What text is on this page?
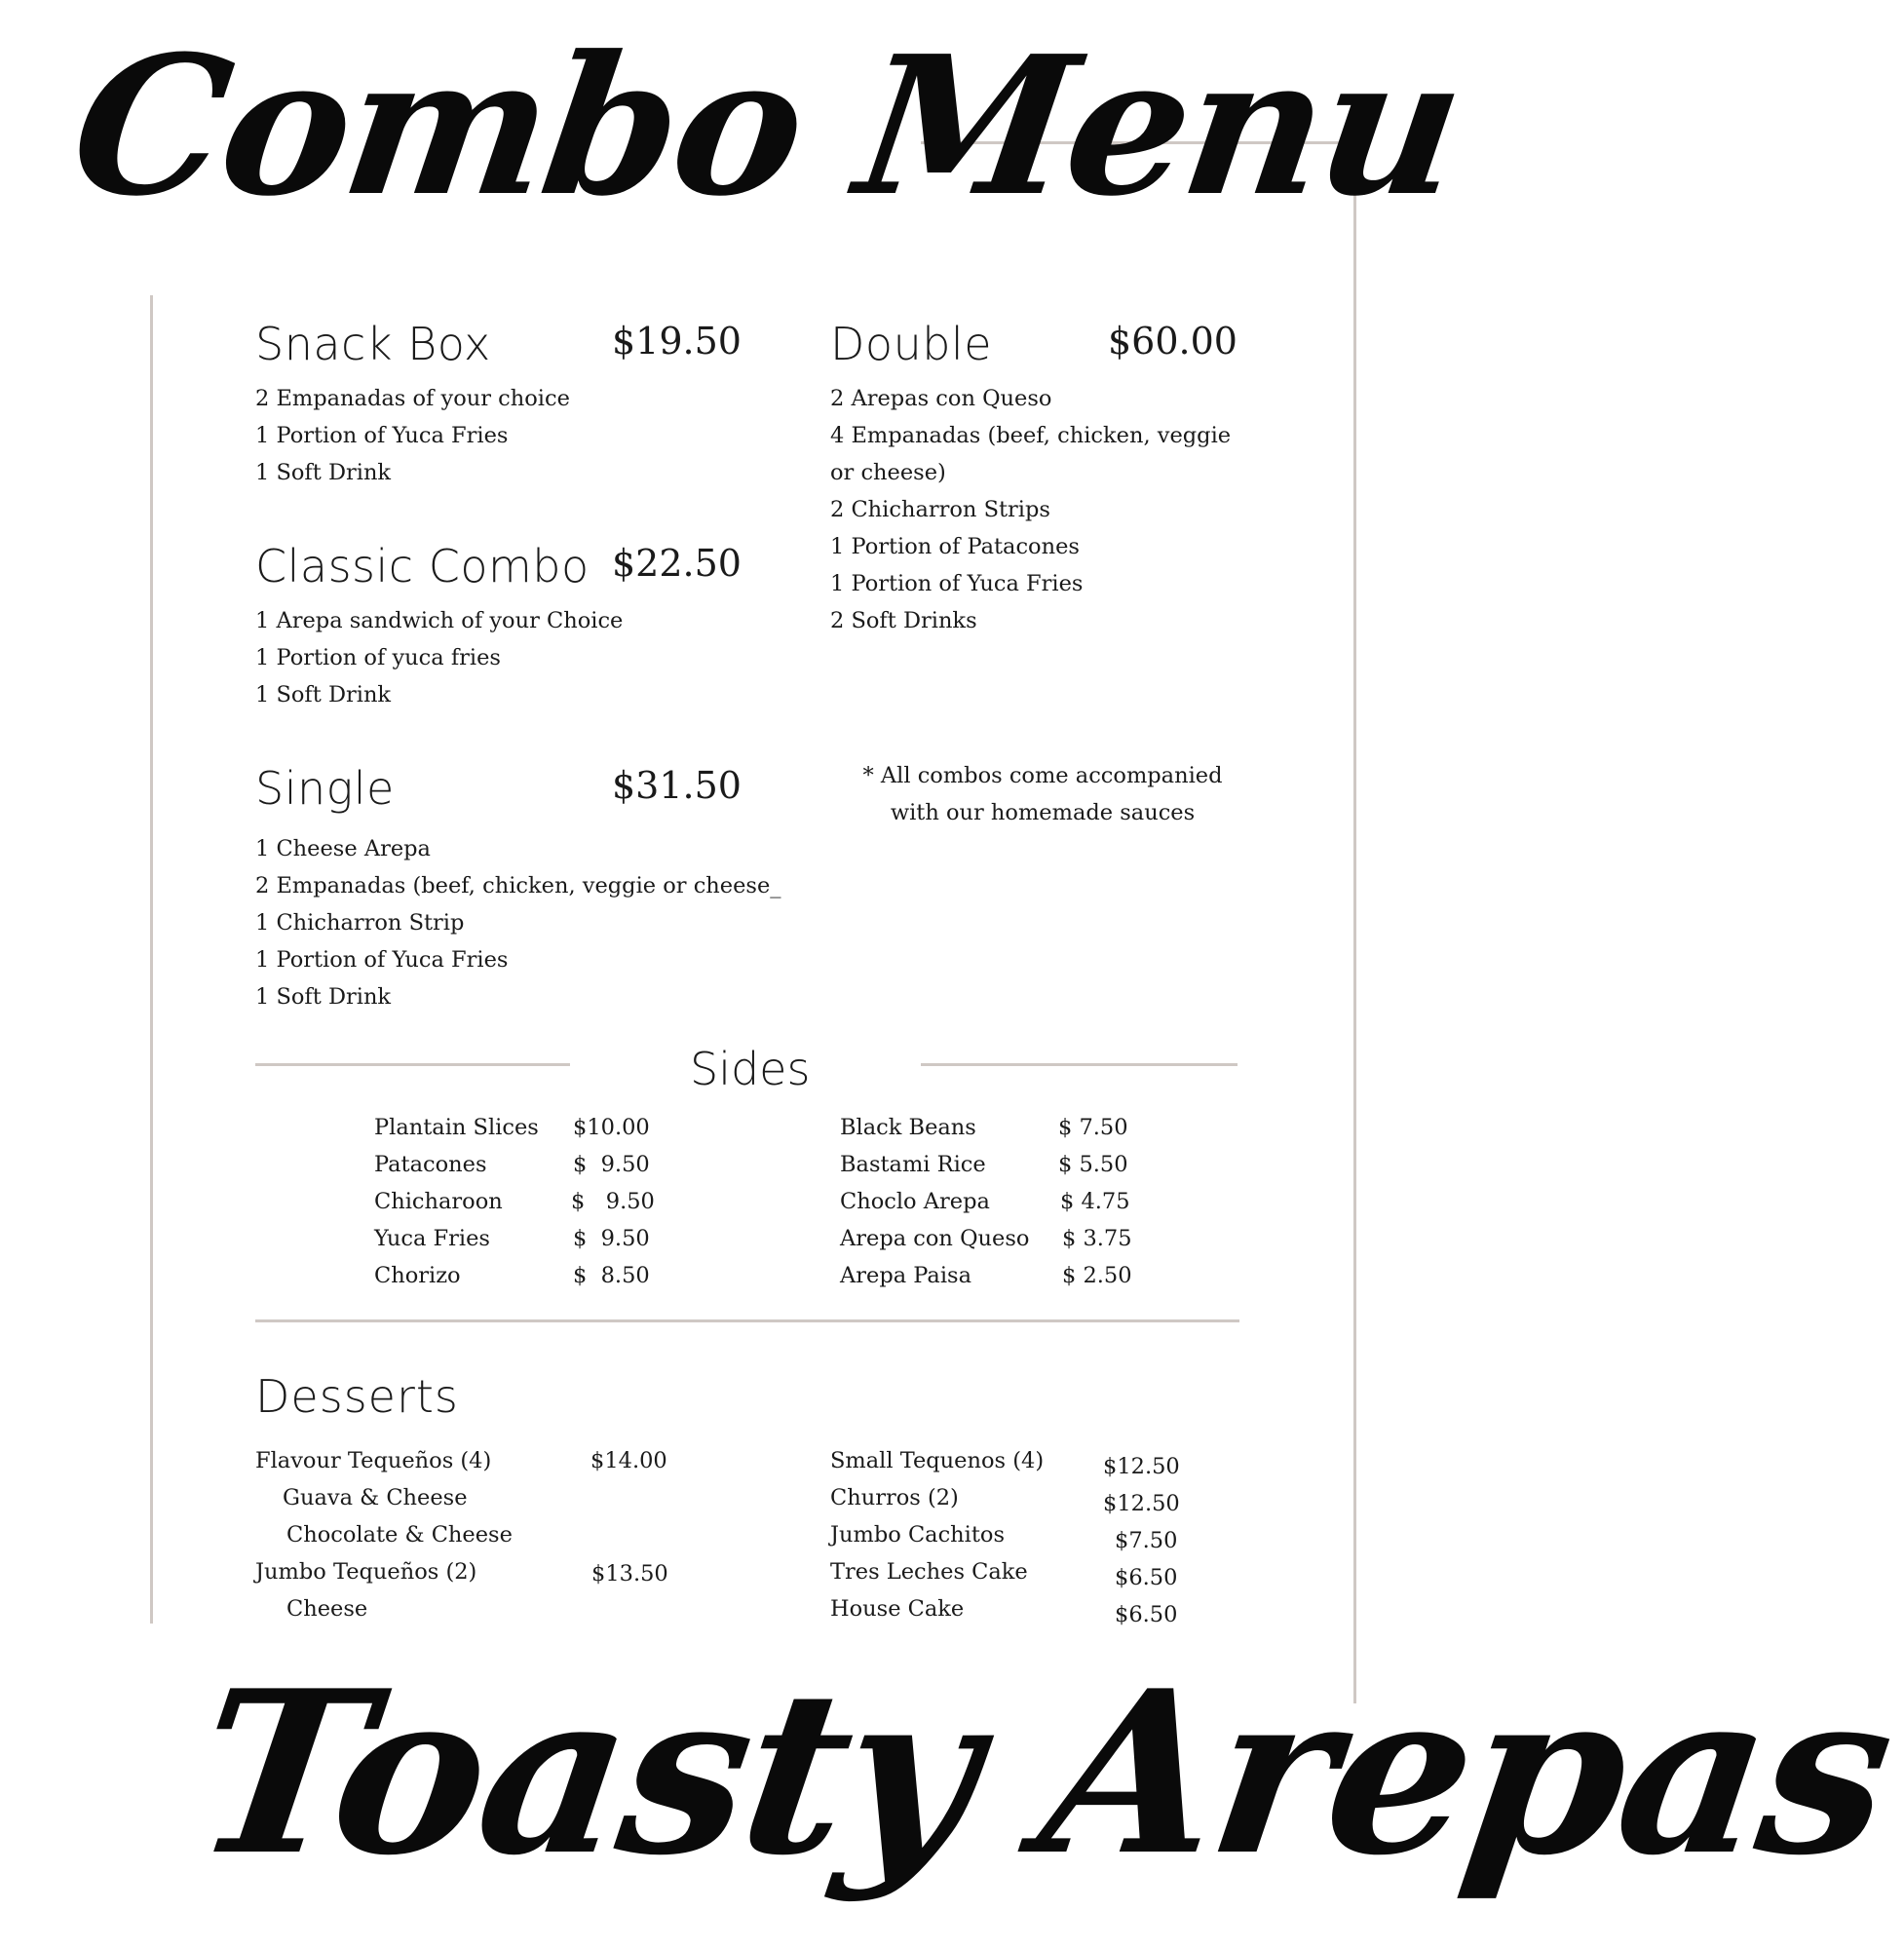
Combo Menu
Snack Box	$19.50
2 Empanadas of your choice
1 Portion of Yuca Fries
1 Soft Drink
Classic Combo $22.50
1 Arepa sandwich of your Choice
1 Portion of yuca fries
1 Soft Drink
Single	$31.50
1 Cheese Arepa
2 Empanadas (beef, chicken, veggie or cheese_
1 Chicharron Strip
1 Portion of Yuca Fries
1 Soft Drink
Double	$60.00
2 Arepas con Queso
4 Empanadas (beef, chicken, veggie
or cheese)
2 Chicharron Strips
1 Portion of Patacones
1 Portion of Yuca Fries
2 Soft Drinks
* All combos come accompanied
with our homemade sauces
Sides
Plantain Slices $10.00
Patacones	$  9.50
Chicharoon	$   9.50
Yuca Fries	$  9.50
Chorizo	$  8.50
Black Beans	$ 7.50
Bastami Rice	$ 5.50
Choclo Arepa	$ 4.75
Arepa con Queso $ 3.75
Arepa Paisa	$ 2.50
Desserts
Flavour Tequeños (4)	$14.00
Guava & Cheese
Chocolate & Cheese
Jumbo Tequeños (2)	$13.50
Cheese
Small Tequenos (4)	$12.50
Churros (2)	$12.50
Jumbo Cachitos	$7.50
Tres Leches Cake	$6.50
House Cake	$6.50
Toasty Arepas
